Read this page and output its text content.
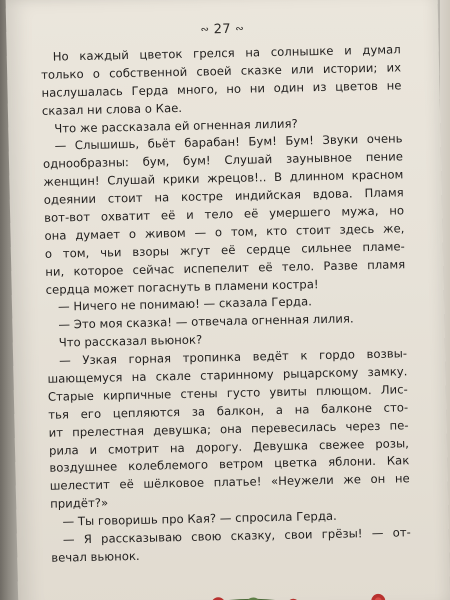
∾ 27 ∾
Но каждый цветок грелся на солнышке и думал
только о собственной своей сказке или истории; их
наслушалась Герда много, но ни один из цветов не
сказал ни слова о Кае.
Что же рассказала ей огненная лилия?
— Слышишь, бьёт барабан! Бум! Бум! Звуки очень
однообразны: бум, бум! Слушай заунывное пение
женщин! Слушай крики жрецов!.. В длинном красном
одеянии стоит на костре индийская вдова. Пламя
вот-вот охватит её и тело её умершего мужа, но
она думает о живом — о том, кто стоит здесь же,
о том, чьи взоры жгут её сердце сильнее пламе-
ни, которое сейчас испепелит её тело. Разве пламя
сердца может погаснуть в пламени костра!
— Ничего не понимаю! — сказала Герда.
— Это моя сказка! — отвечала огненная лилия.
Что рассказал вьюнок?
— Узкая горная тропинка ведёт к гордо возвы-
шающемуся на скале старинному рыцарскому замку.
Старые кирпичные стены густо увиты плющом. Лис-
тья его цепляются за балкон, а на балконе сто-
ит прелестная девушка; она перевесилась через пе-
рила и смотрит на дорогу. Девушка свежее розы,
воздушнее колеблемого ветром цветка яблони. Как
шелестит её шёлковое платье! «Неужели же он не
придёт?»
— Ты говоришь про Кая? — спросила Герда.
— Я рассказываю свою сказку, свои грёзы! — от-
вечал вьюнок.
